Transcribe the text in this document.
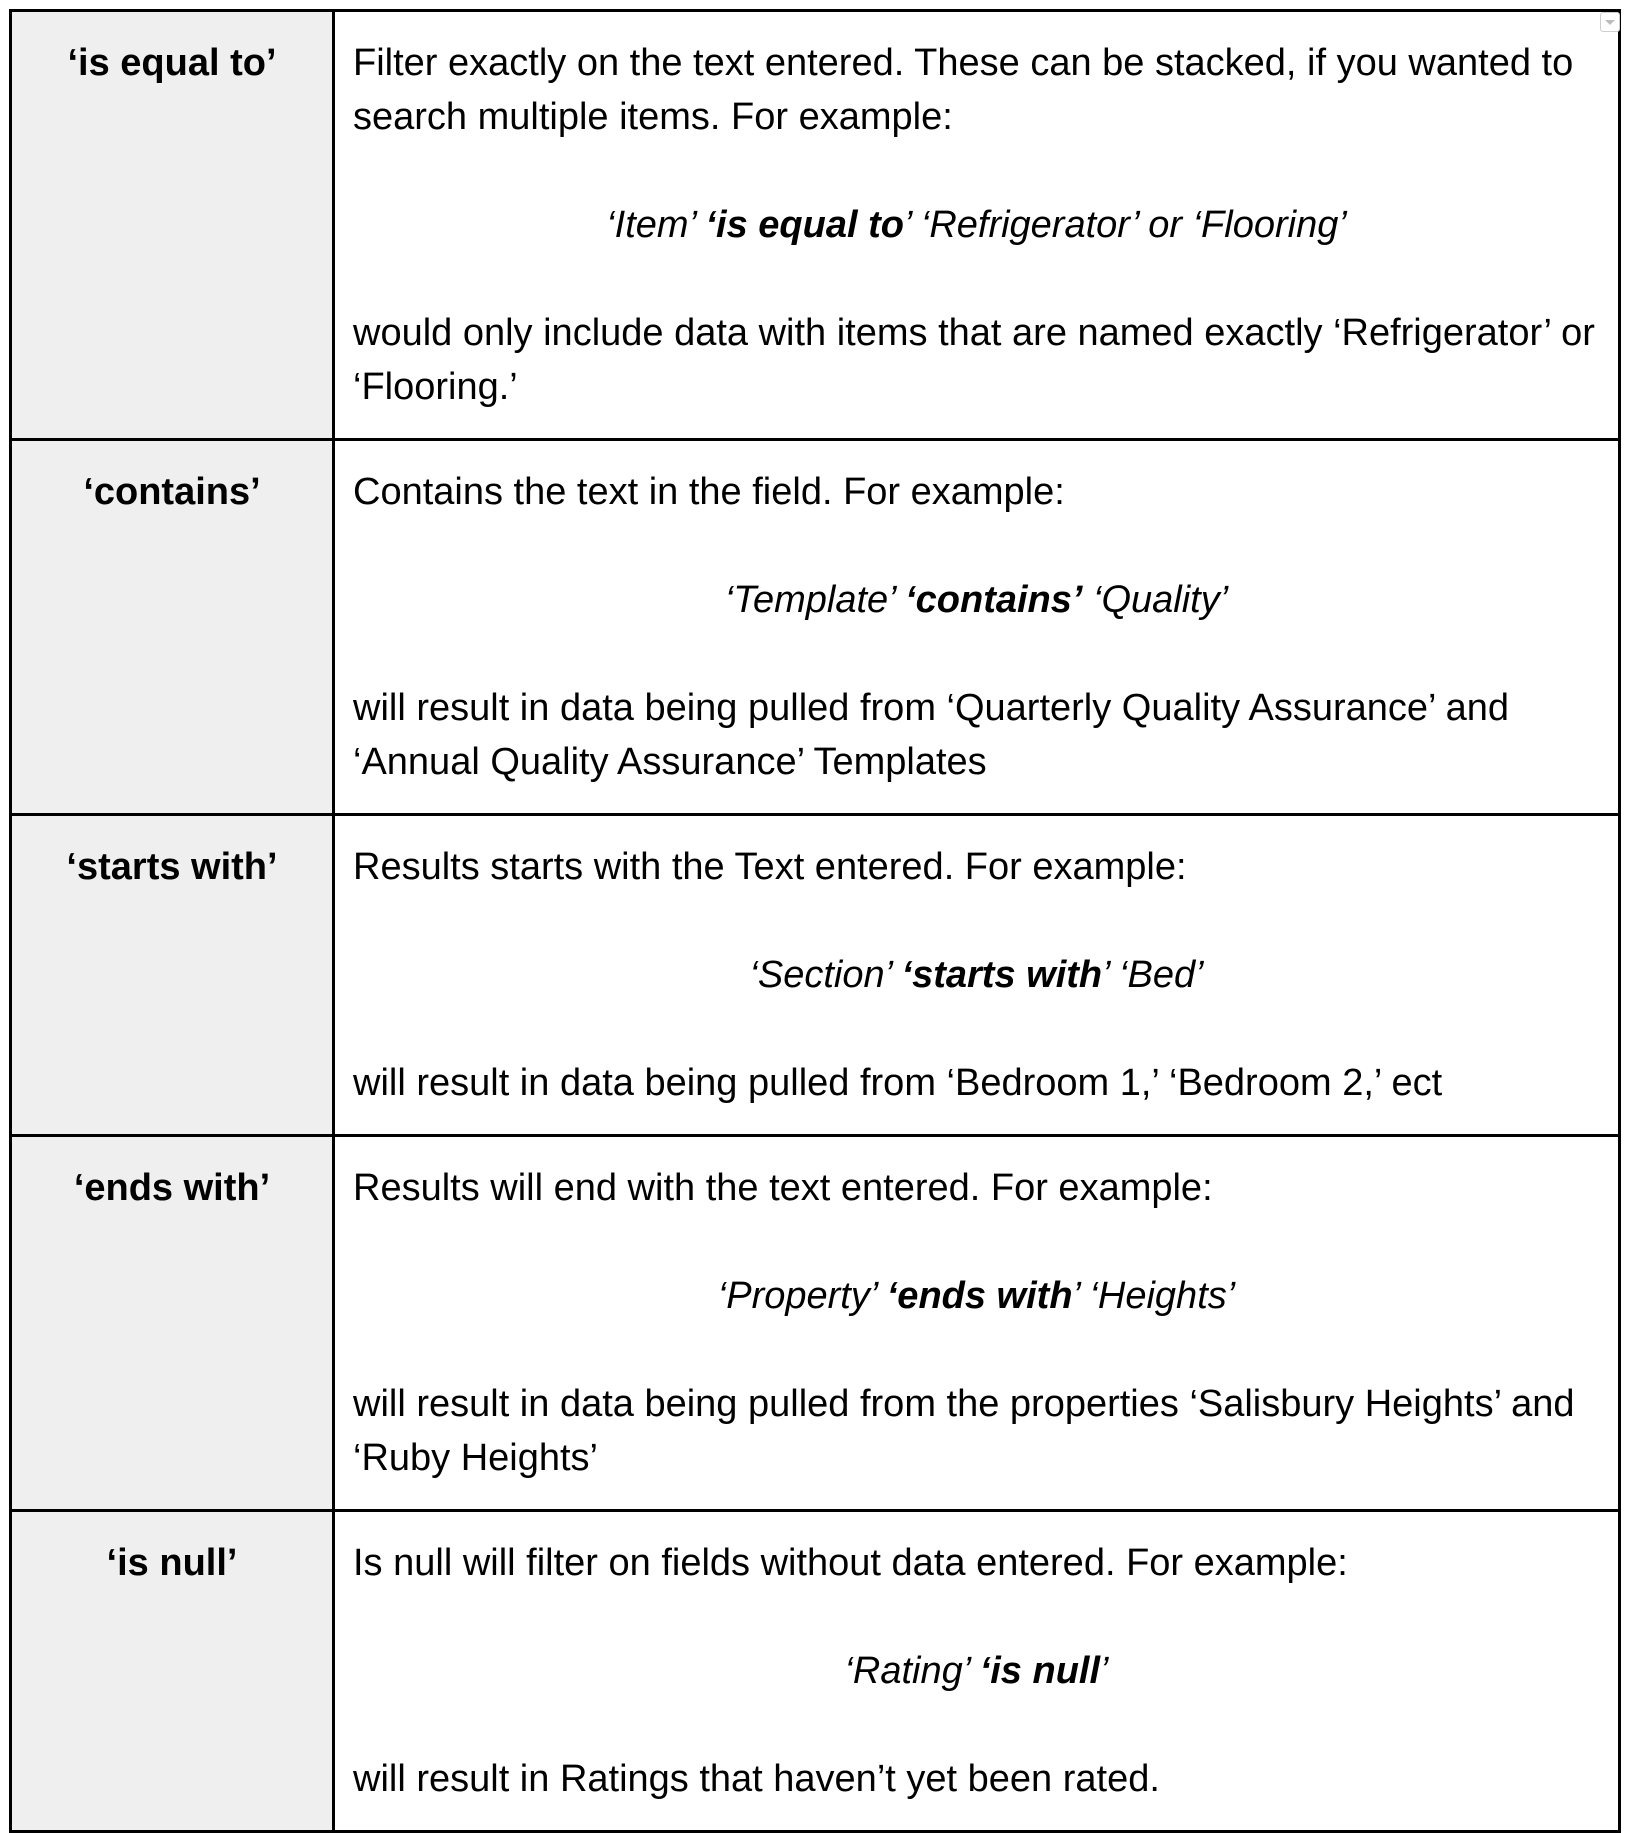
‘is equal to’	Filter exactly on the text entered. These can be stacked, if you wanted to search multiple items. For example:

‘Item’ ‘is equal to’ ‘Refrigerator’ or ‘Flooring’

would only include data with items that are named exactly ‘Refrigerator’ or ‘Flooring.’

‘contains’	Contains the text in the field. For example:

‘Template’ ‘contains’ ‘Quality’

will result in data being pulled from ‘Quarterly Quality Assurance’ and ‘Annual Quality Assurance’ Templates

‘starts with’	Results starts with the Text entered. For example:

‘Section’ ‘starts with’ ‘Bed’

will result in data being pulled from ‘Bedroom 1,’ ‘Bedroom 2,’ ect

‘ends with’	Results will end with the text entered. For example:

‘Property’ ‘ends with’ ‘Heights’

will result in data being pulled from the properties ‘Salisbury Heights’ and ‘Ruby Heights’

‘is null’	Is null will filter on fields without data entered. For example:

‘Rating’ ‘is null’

will result in Ratings that haven’t yet been rated.
